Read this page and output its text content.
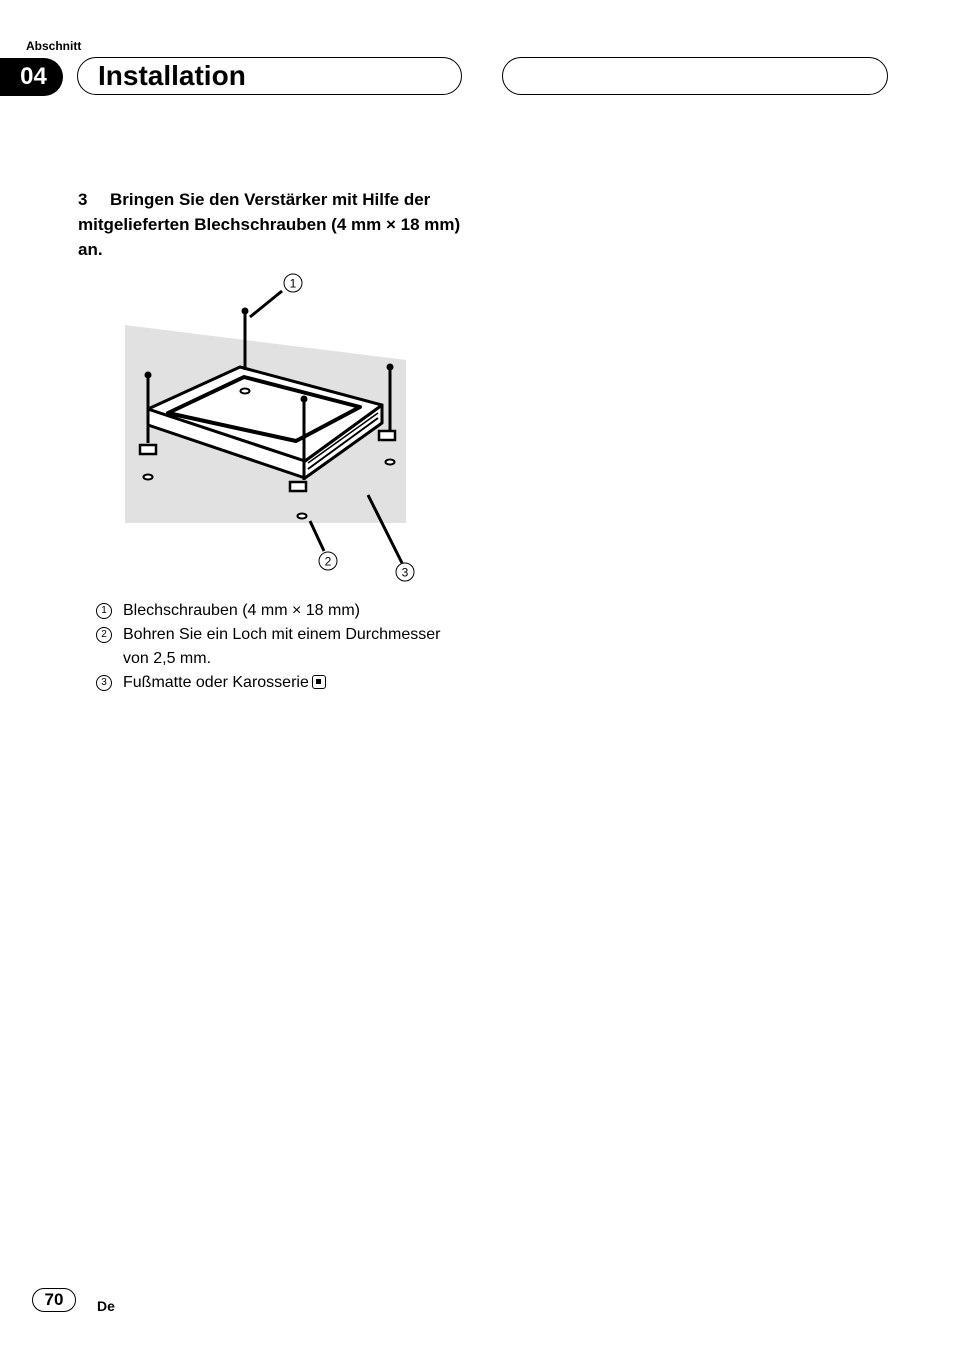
Abschnitt
04	Installation
3 Bringen Sie den Verstärker mit Hilfe der mitgelieferten Blechschrauben (4 mm × 18 mm) an.
1
2
3
1	Blechschrauben (4 mm × 18 mm)
2	Bohren Sie ein Loch mit einem Durchmesser von 2,5 mm.
3	Fußmatte oder Karosserie
70	De
